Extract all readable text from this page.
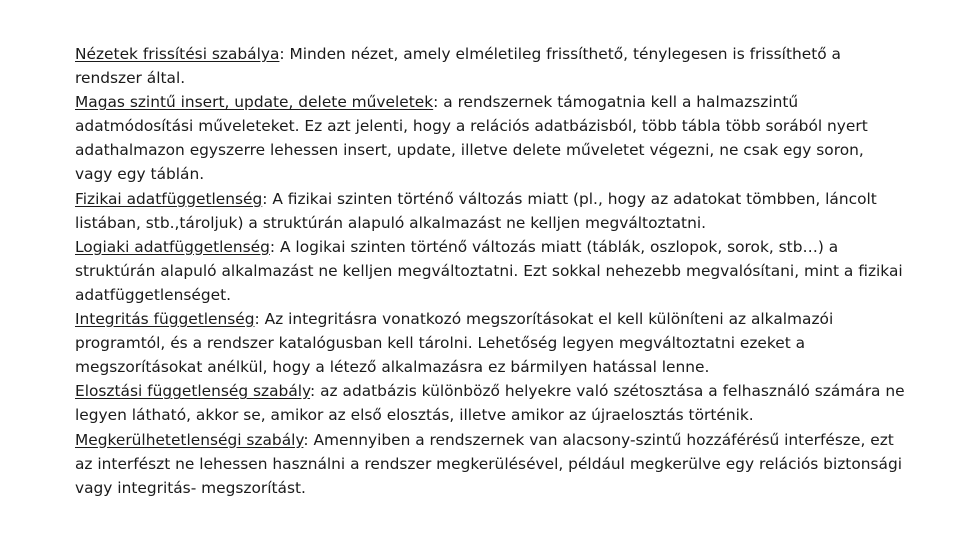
Nézetek frissítési szabálya: Minden nézet, amely elméletileg frissíthető, ténylegesen is frissíthető a rendszer által.

Magas szintű insert, update, delete műveletek: a rendszernek támogatnia kell a halmazszintű adatmódosítási műveleteket. Ez azt jelenti, hogy a relációs adatbázisból, több tábla több sorából nyert adathalmazon egyszerre lehessen insert, update, illetve delete műveletet végezni, ne csak egy soron, vagy egy táblán.

Fizikai adatfüggetlenség: A fizikai szinten történő változás miatt (pl., hogy az adatokat tömbben, láncolt listában, stb.,tároljuk) a struktúrán alapuló alkalmazást ne kelljen megváltoztatni.

Logiaki adatfüggetlenség: A logikai szinten történő változás miatt (táblák, oszlopok, sorok, stb…) a struktúrán alapuló alkalmazást ne kelljen megváltoztatni. Ezt sokkal nehezebb megvalósítani, mint a fizikai adatfüggetlenséget.

Integritás függetlenség: Az integritásra vonatkozó megszorításokat el kell különíteni az alkalmazói programtól, és a rendszer katalógusban kell tárolni. Lehetőség legyen megváltoztatni ezeket a megszorításokat anélkül, hogy a létező alkalmazásra ez bármilyen hatással lenne.

Elosztási függetlenség szabály: az adatbázis különböző helyekre való szétosztása a felhasználó számára ne legyen látható, akkor se, amikor az első elosztás, illetve amikor az újraelosztás történik.

Megkerülhetetlenségi szabály: Amennyiben a rendszernek van alacsony-szintű hozzáférésű interfésze, ezt az interfészt ne lehessen használni a rendszer megkerülésével, például megkerülve egy relációs biztonsági vagy integritás- megszorítást.
